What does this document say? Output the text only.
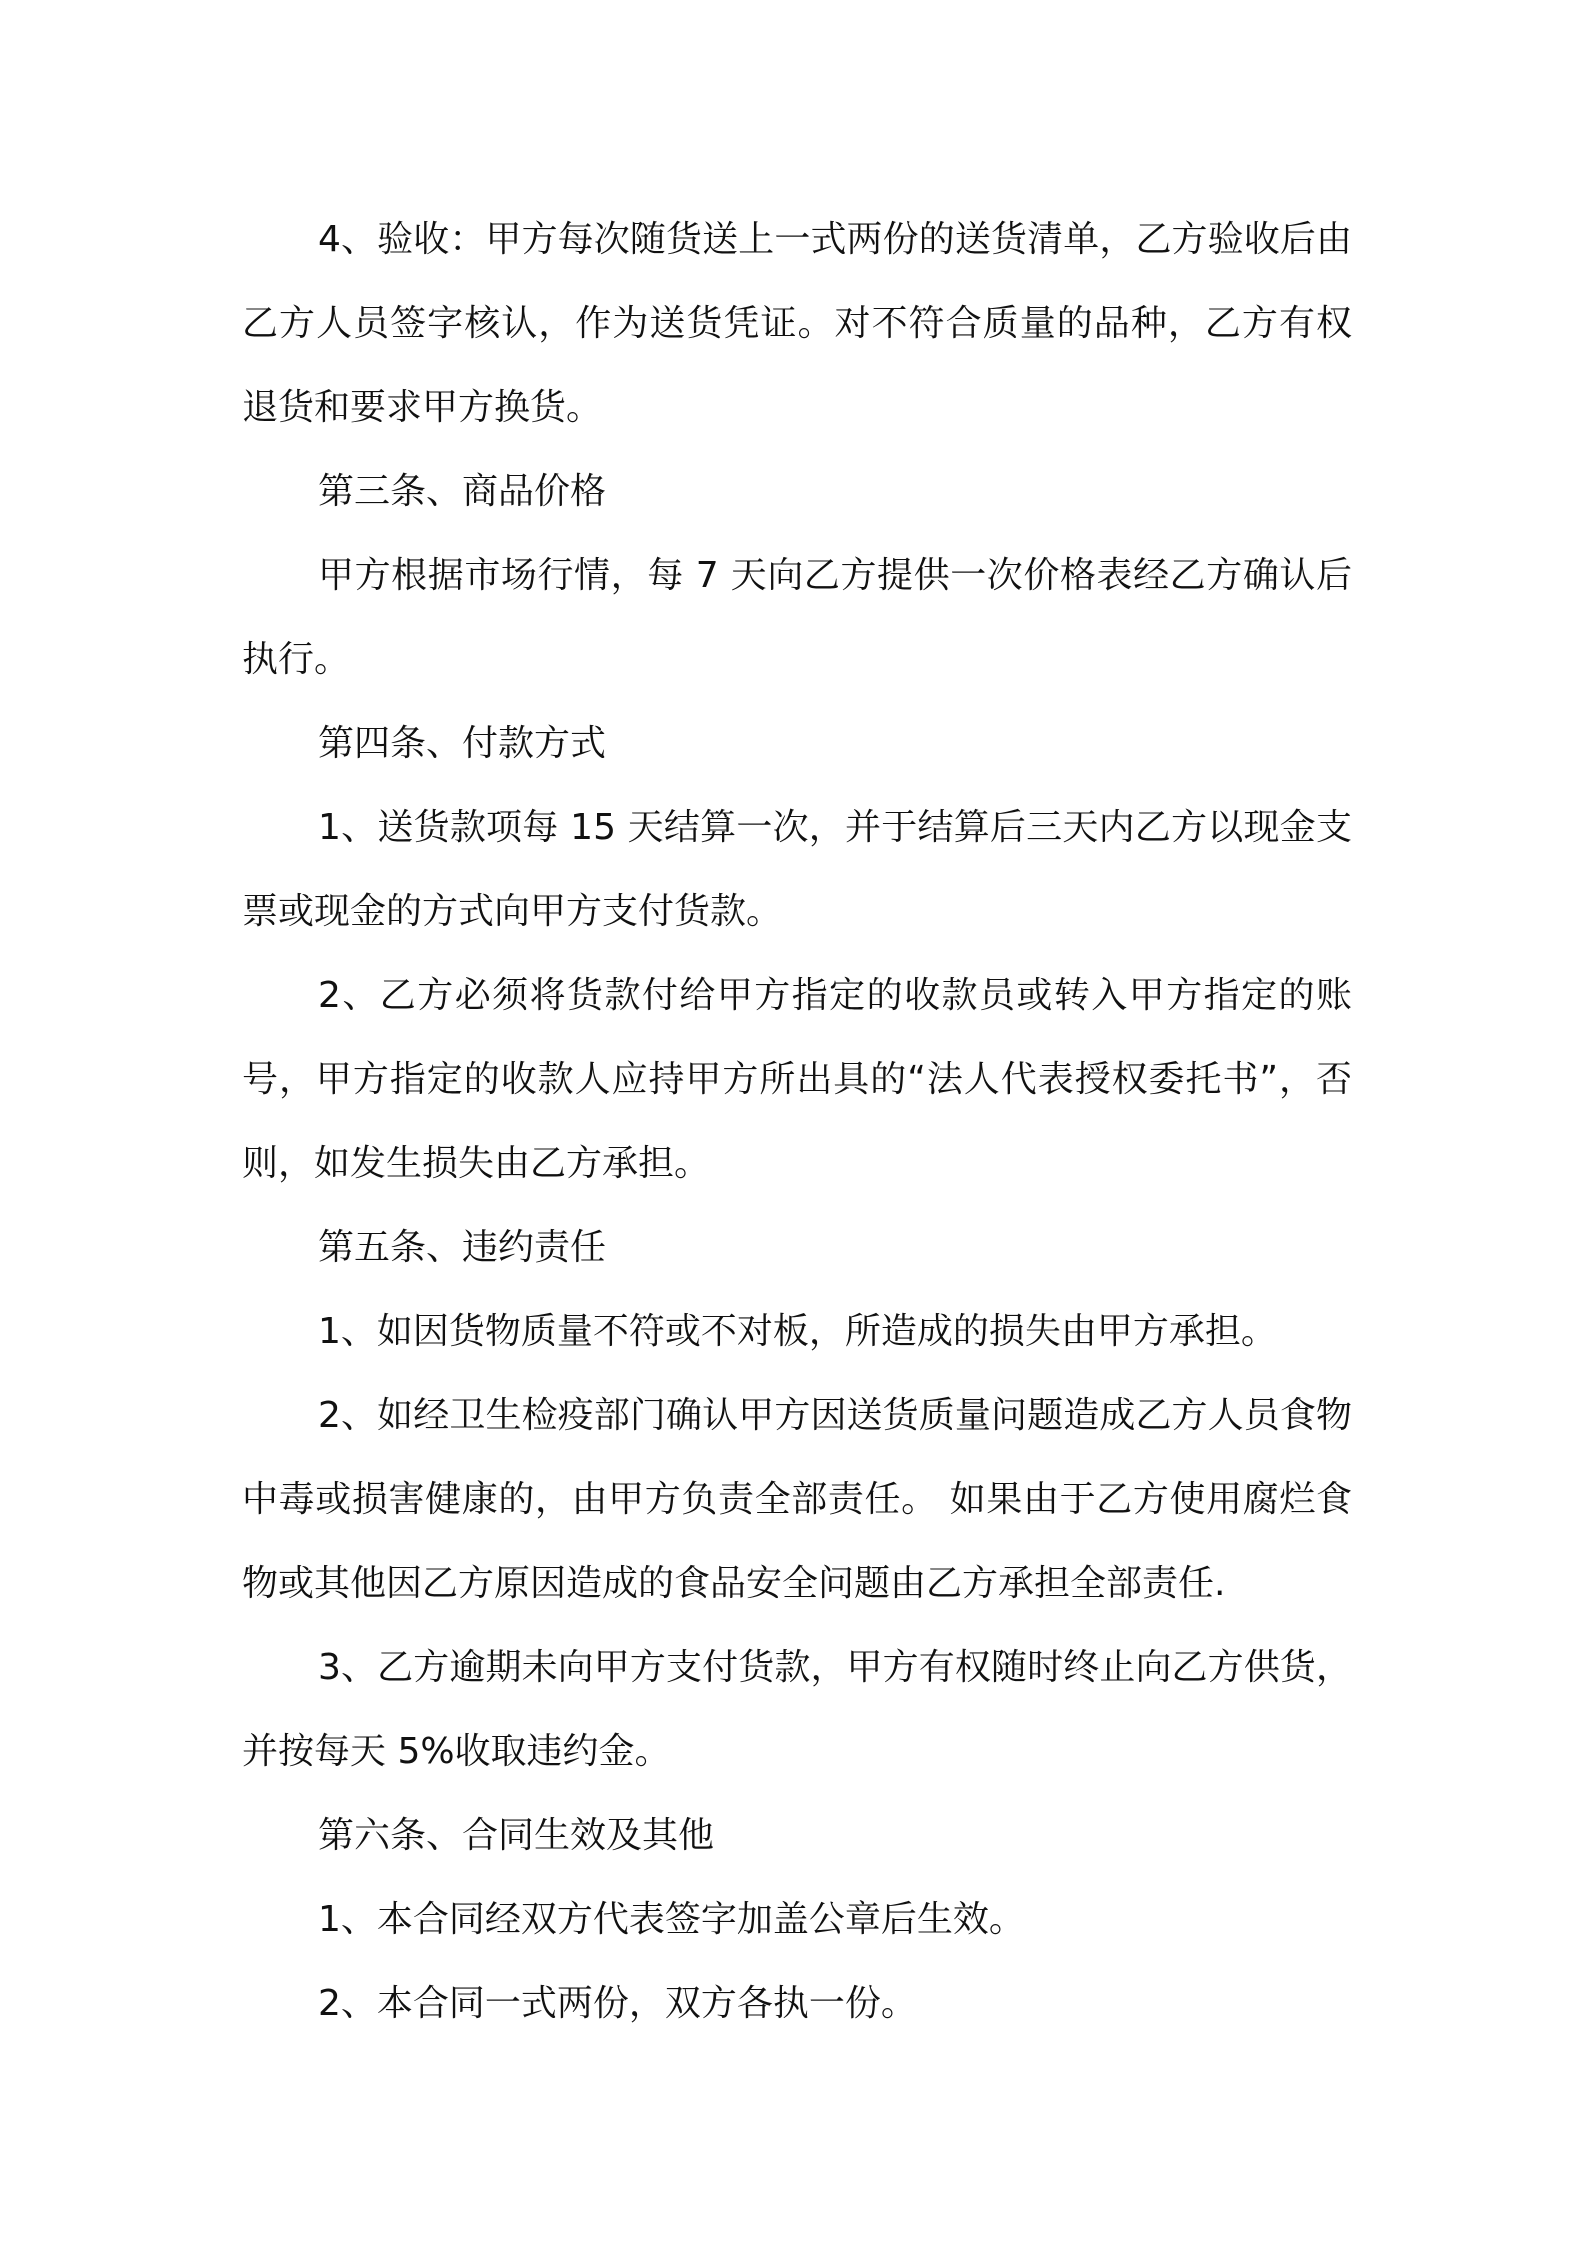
4、验收：甲方每次随货送上一式两份的送货清单，乙方验收后由乙方人员签字核认，作为送货凭证。对不符合质量的品种，乙方有权退货和要求甲方换货。

第三条、商品价格

甲方根据市场行情，每 7 天向乙方提供一次价格表经乙方确认后执行。

第四条、付款方式

1、送货款项每 15 天结算一次，并于结算后三天内乙方以现金支票或现金的方式向甲方支付货款。

2、乙方必须将货款付给甲方指定的收款员或转入甲方指定的账号，甲方指定的收款人应持甲方所出具的“法人代表授权委托书”，否则，如发生损失由乙方承担。

第五条、违约责任

1、如因货物质量不符或不对板，所造成的损失由甲方承担。

2、如经卫生检疫部门确认甲方因送货质量问题造成乙方人员食物中毒或损害健康的，由甲方负责全部责任。 如果由于乙方使用腐烂食物或其他因乙方原因造成的食品安全问题由乙方承担全部责任.

3、乙方逾期未向甲方支付货款，甲方有权随时终止向乙方供货，并按每天 5%收取违约金。

第六条、合同生效及其他

1、本合同经双方代表签字加盖公章后生效。

2、本合同一式两份，双方各执一份。
